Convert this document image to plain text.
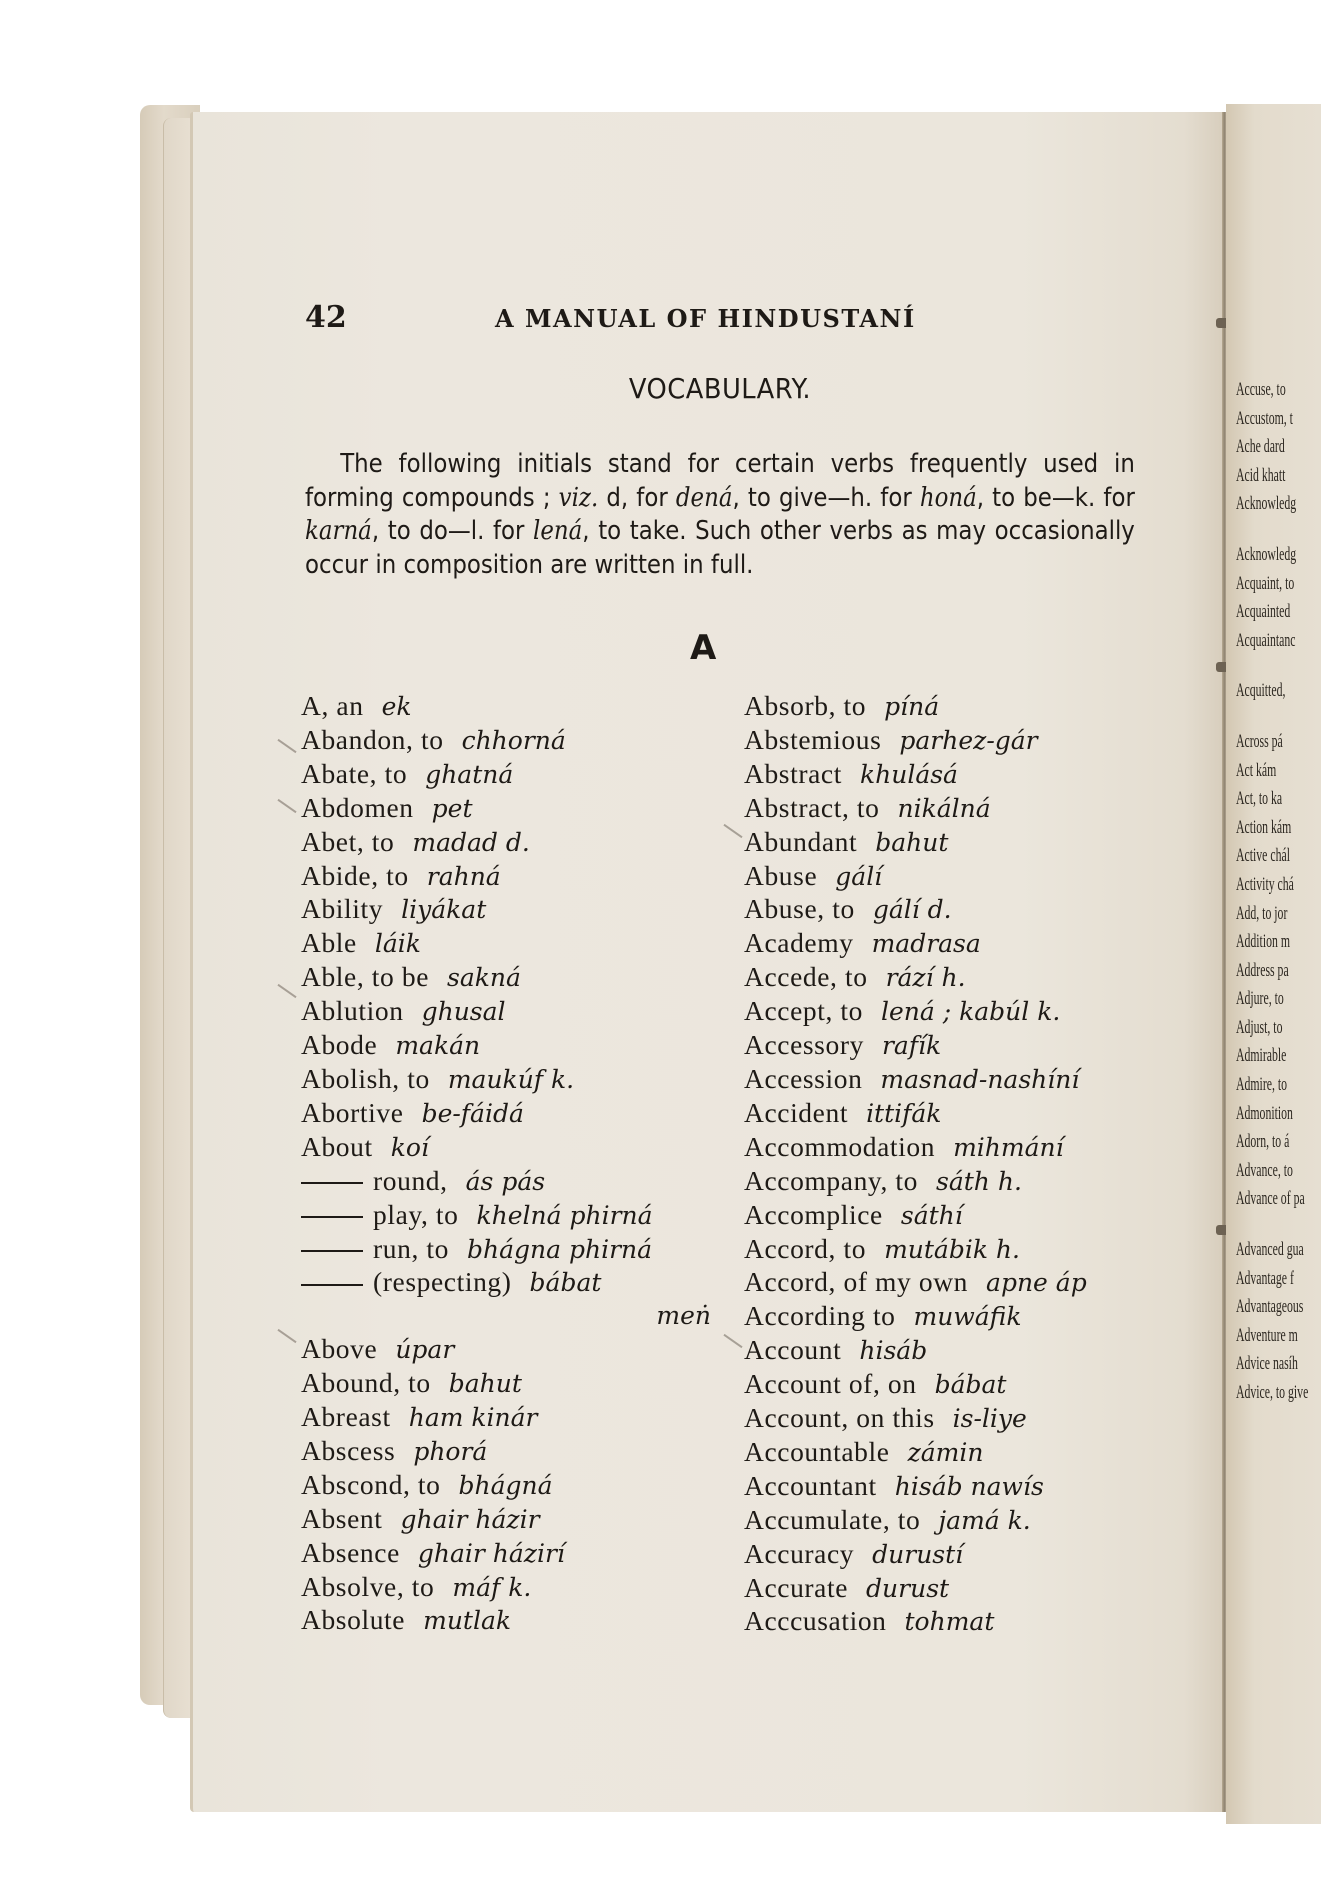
Accuse, to
Accustom, t
Ache dard
Acid khatt
Acknowledg
Acknowledg
Acquaint, to
Acquainted
Acquaintanc
Acquitted,
Across pá
Act kám
Act, to ka
Action kám
Active chál
Activity chá
Add, to jor
Addition m
Address pa
Adjure, to
Adjust, to
Admirable
Admire, to
Admonition
Adorn, to á
Advance, to
Advance of pa
Advanced gua
Advantage f
Advantageous
Adventure m
Advice nasíh
Advice, to give
42	A MANUAL OF HINDUSTANÍ
VOCABULARY.
The following initials stand for certain verbs frequently used in forming compounds ; viz. d, for dená, to give—h. for honá, to be—k. for karná, to do—l. for lená, to take. Such other verbs as may occasionally occur in composition are written in full.
A
A, an ek
Abandon, to chhorná
Abate, to ghatná
Abdomen pet
Abet, to madad d.
Abide, to rahná
Ability liyákat
Able láik
Able, to be sakná
Ablution ghusal
Abode makán
Abolish, to maukúf k.
Abortive be-fáidá
About koí
round, ás pás
play, to khelná phirná
run, to bhágna phirná
(respecting) bábat
meṅ
Above úpar
Abound, to bahut
Abreast ham kinár
Abscess phorá
Abscond, to bhágná
Absent ghair házir
Absence ghair házirí
Absolve, to máf k.
Absolute mutlak
Absorb, to píná
Abstemious parhez-gár
Abstract khulásá
Abstract, to nikálná
Abundant bahut
Abuse gálí
Abuse, to gálí d.
Academy madrasa
Accede, to rází h.
Accept, to lená ; kabúl k.
Accessory rafík
Accession masnad-nashíní
Accident ittifák
Accommodation mihmání
Accompany, to sáth h.
Accomplice sáthí
Accord, to mutábik h.
Accord, of my own apne áp
According to muwáfik
Account hisáb
Account of, on bábat
Account, on this is-liye
Accountable zámin
Accountant hisáb nawís
Accumulate, to jamá k.
Accuracy durustí
Accurate durust
Acccusation tohmat
